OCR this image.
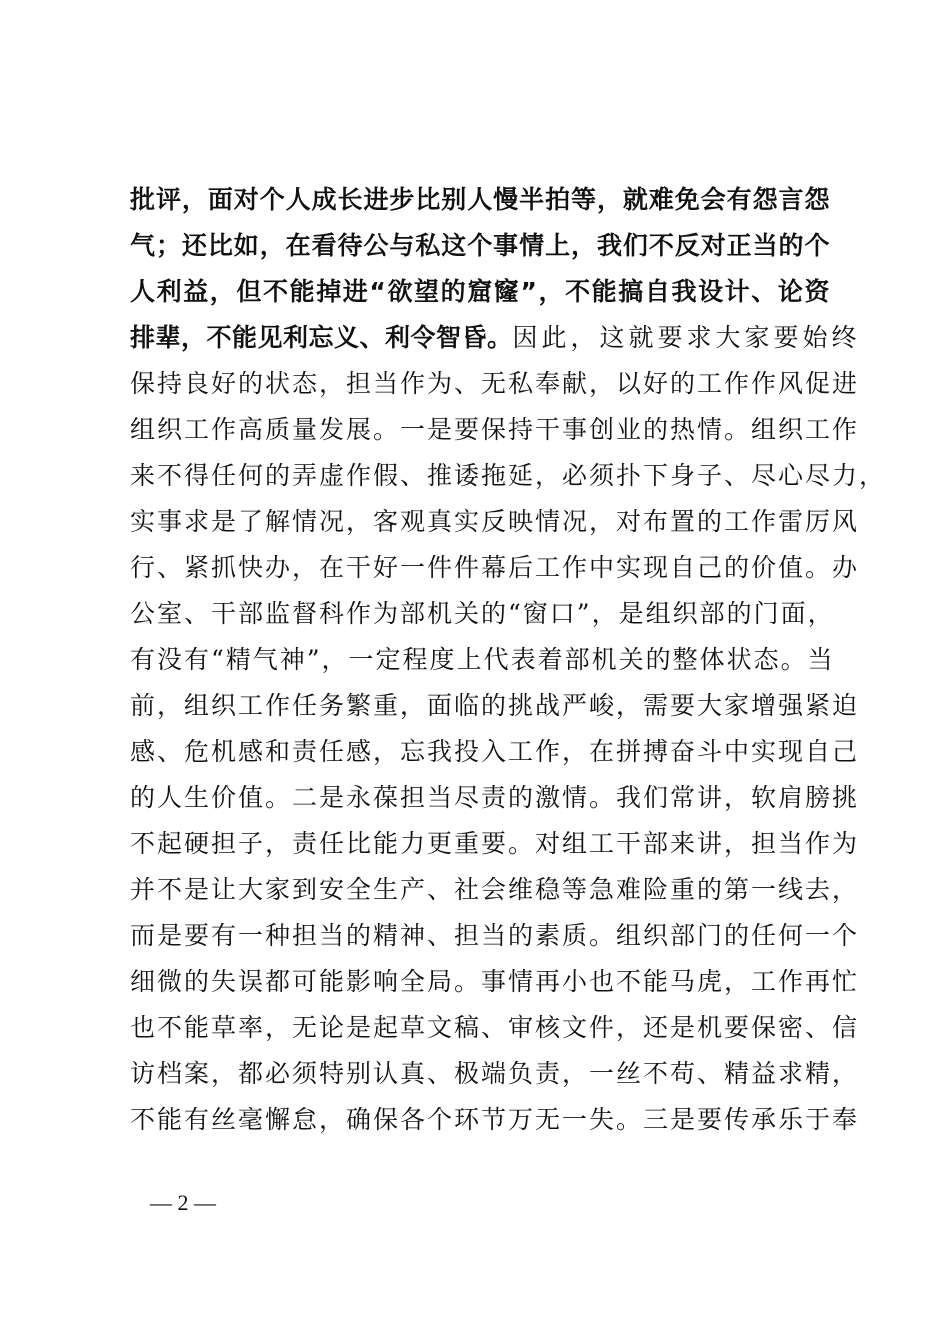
批评，面对个人成长进步比别人慢半拍等，就难免会有怨言怨
气；还比如，在看待公与私这个事情上，我们不反对正当的个
人利益，但不能掉进“欲望的窟窿”，不能搞自我设计、论资
排辈，不能见利忘义、利令智昏。因此，这就要求大家要始终
保持良好的状态，担当作为、无私奉献，以好的工作作风促进
组织工作高质量发展。一是要保持干事创业的热情。组织工作
来不得任何的弄虚作假、推诿拖延，必须扑下身子、尽心尽力，
实事求是了解情况，客观真实反映情况，对布置的工作雷厉风
行、紧抓快办，在干好一件件幕后工作中实现自己的价值。办
公室、干部监督科作为部机关的“窗口”，是组织部的门面，
有没有“精气神”，一定程度上代表着部机关的整体状态。当
前，组织工作任务繁重，面临的挑战严峻，需要大家增强紧迫
感、危机感和责任感，忘我投入工作，在拼搏奋斗中实现自己
的人生价值。二是永葆担当尽责的激情。我们常讲，软肩膀挑
不起硬担子，责任比能力更重要。对组工干部来讲，担当作为
并不是让大家到安全生产、社会维稳等急难险重的第一线去，
而是要有一种担当的精神、担当的素质。组织部门的任何一个
细微的失误都可能影响全局。事情再小也不能马虎，工作再忙
也不能草率，无论是起草文稿、审核文件，还是机要保密、信
访档案，都必须特别认真、极端负责，一丝不苟、精益求精，
不能有丝毫懈怠，确保各个环节万无一失。三是要传承乐于奉
— 2 —
